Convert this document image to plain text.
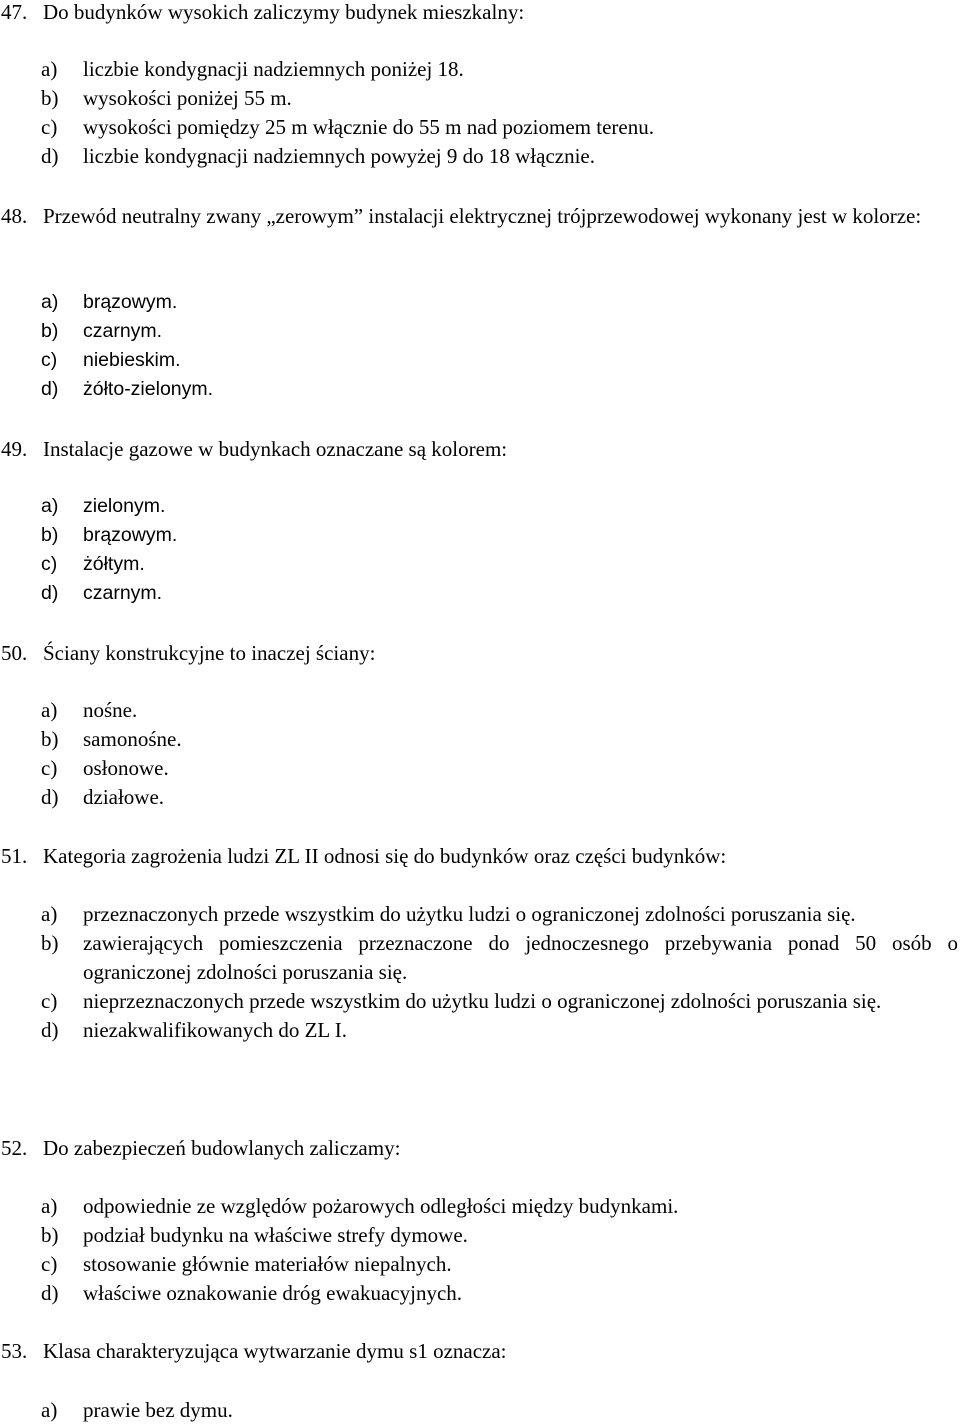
47. Do budynków wysokich zaliczymy budynek mieszkalny:
a)	liczbie kondygnacji nadziemnych poniżej 18.
b)	wysokości poniżej 55 m.
c)	wysokości pomiędzy 25 m włącznie do 55 m nad poziomem terenu.
d)	liczbie kondygnacji nadziemnych powyżej 9 do 18 włącznie.
48. Przewód neutralny zwany „zerowym” instalacji elektrycznej trójprzewodowej wykonany jest w kolorze:
a)	brązowym.
b)	czarnym.
c)	niebieskim.
d)	żółto-zielonym.
49. Instalacje gazowe w budynkach oznaczane są kolorem:
a)	zielonym.
b)	brązowym.
c)	żółtym.
d)	czarnym.
50. Ściany konstrukcyjne to inaczej ściany:
a)	nośne.
b)	samonośne.
c)	osłonowe.
d)	działowe.
51. Kategoria zagrożenia ludzi ZL II odnosi się do budynków oraz części budynków:
a)	przeznaczonych przede wszystkim do użytku ludzi o ograniczonej zdolności poruszania się.
b)	zawierających pomieszczenia przeznaczone do jednoczesnego przebywania ponad 50 osób o ograniczonej zdolności poruszania się.
c)	nieprzeznaczonych przede wszystkim do użytku ludzi o ograniczonej zdolności poruszania się.
d)	niezakwalifikowanych do ZL I.
52. Do zabezpieczeń budowlanych zaliczamy:
a)	odpowiednie ze względów pożarowych odległości między budynkami.
b)	podział budynku na właściwe strefy dymowe.
c)	stosowanie głównie materiałów niepalnych.
d)	właściwe oznakowanie dróg ewakuacyjnych.
53. Klasa charakteryzująca wytwarzanie dymu s1 oznacza:
a)	prawie bez dymu.
